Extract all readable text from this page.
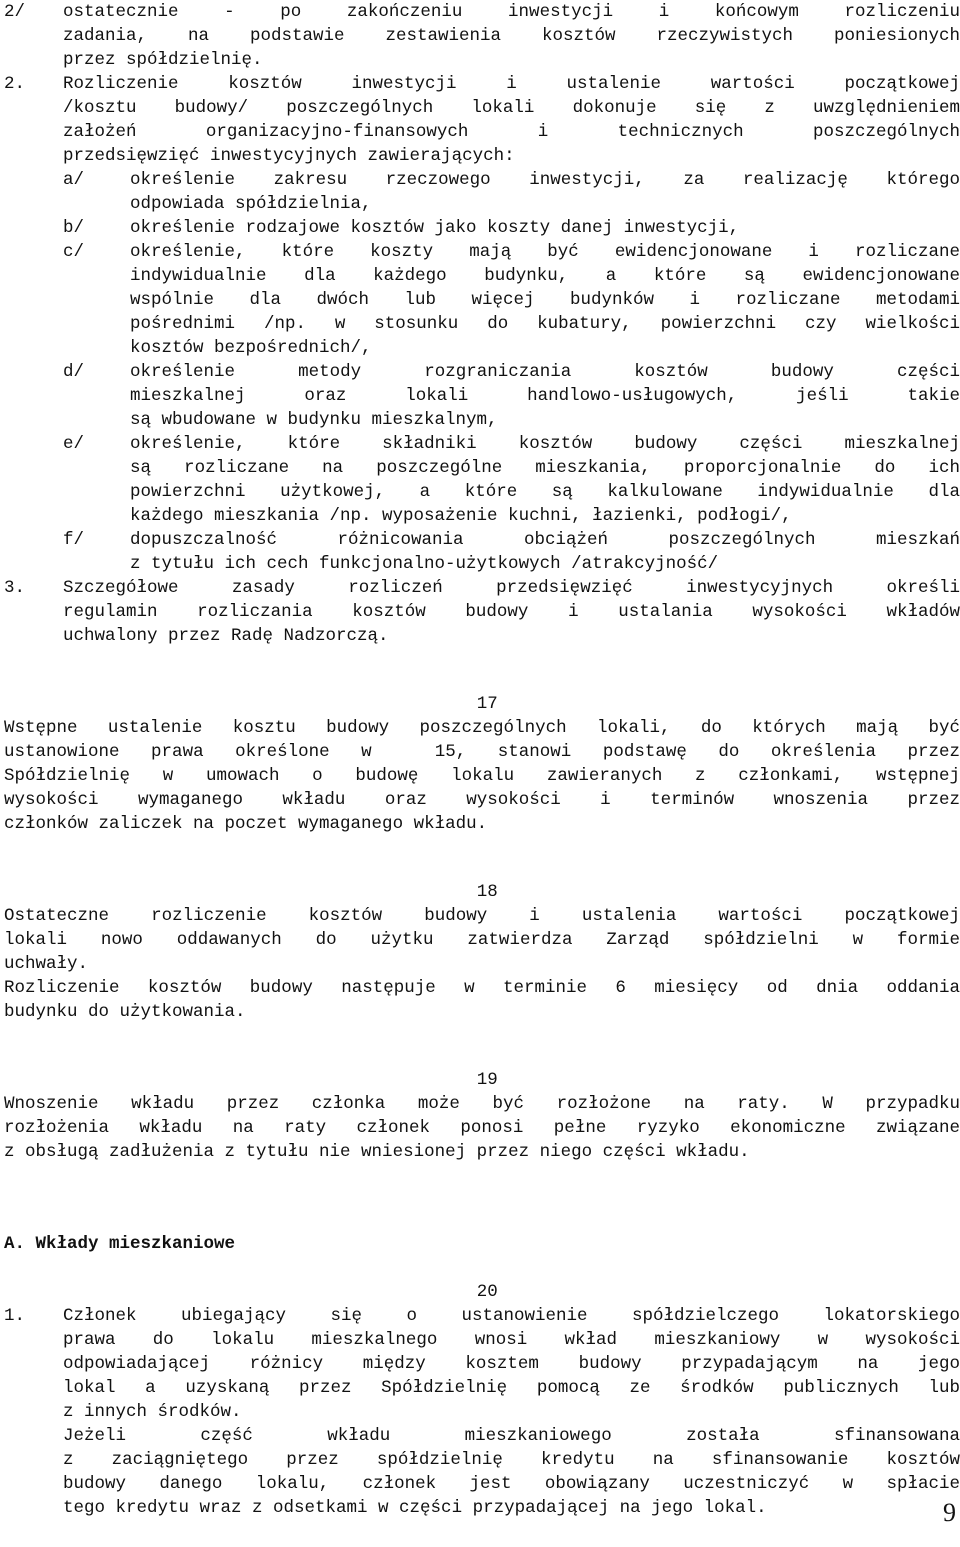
2/	ostatecznie - po zakończeniu inwestycji i końcowym rozliczeniu
zadania, na podstawie zestawienia kosztów rzeczywistych poniesionych
przez spółdzielnię.
2.	Rozliczenie kosztów inwestycji i ustalenie wartości początkowej
/kosztu budowy/ poszczególnych lokali dokonuje się z uwzględnieniem
założeń organizacyjno-finansowych i technicznych poszczególnych
przedsięwzięć inwestycyjnych zawierających:
a/	określenie zakresu rzeczowego inwestycji, za realizację którego
odpowiada spółdzielnia,
b/	określenie rodzajowe kosztów jako koszty danej inwestycji,
c/	określenie, które koszty mają być ewidencjonowane i rozliczane
indywidualnie dla każdego budynku, a które są ewidencjonowane
wspólnie dla dwóch lub więcej budynków i rozliczane metodami
pośrednimi /np. w stosunku do kubatury, powierzchni czy wielkości
kosztów bezpośrednich/,
d/	określenie metody rozgraniczania kosztów budowy części
mieszkalnej oraz lokali handlowo-usługowych, jeśli takie
są wbudowane w budynku mieszkalnym,
e/	określenie, które składniki kosztów budowy części mieszkalnej
są rozliczane na poszczególne mieszkania, proporcjonalnie do ich
powierzchni użytkowej, a które są kalkulowane indywidualnie dla
każdego mieszkania /np. wyposażenie kuchni, łazienki, podłogi/,
f/	dopuszczalność różnicowania obciążeń poszczególnych mieszkań
z tytułu ich cech funkcjonalno-użytkowych /atrakcyjność/
3.	Szczegółowe zasady rozliczeń przedsięwzięć inwestycyjnych określi
regulamin rozliczania kosztów budowy i ustalania wysokości wkładów
uchwalony przez Radę Nadzorczą.
17
Wstępne ustalenie kosztu budowy poszczególnych lokali, do których mają być
ustanowione prawa określone w  15, stanowi podstawę do określenia przez
Spółdzielnię w umowach o budowę lokalu zawieranych z członkami, wstępnej
wysokości wymaganego wkładu oraz wysokości i terminów wnoszenia przez
członków zaliczek na poczet wymaganego wkładu.
18
Ostateczne rozliczenie kosztów budowy i ustalenia wartości początkowej
lokali nowo oddawanych do użytku zatwierdza Zarząd spółdzielni w formie
uchwały.
Rozliczenie kosztów budowy następuje w terminie 6 miesięcy od dnia oddania
budynku do użytkowania.
19
Wnoszenie wkładu przez członka może być rozłożone na raty. W przypadku
rozłożenia wkładu na raty członek ponosi pełne ryzyko ekonomiczne związane
z obsługą zadłużenia z tytułu nie wniesionej przez niego części wkładu.
A. Wkłady mieszkaniowe
20
1.	Członek ubiegający się o ustanowienie spółdzielczego lokatorskiego
prawa do lokalu mieszkalnego wnosi wkład mieszkaniowy w wysokości
odpowiadającej różnicy między kosztem budowy przypadającym na jego
lokal a uzyskaną przez Spółdzielnię pomocą ze środków publicznych lub
z innych środków.
Jeżeli część wkładu mieszkaniowego została sfinansowana
z zaciągniętego przez spółdzielnię kredytu na sfinansowanie kosztów
budowy danego lokalu, członek jest obowiązany uczestniczyć w spłacie
tego kredytu wraz z odsetkami w części przypadającej na jego lokal.	9
